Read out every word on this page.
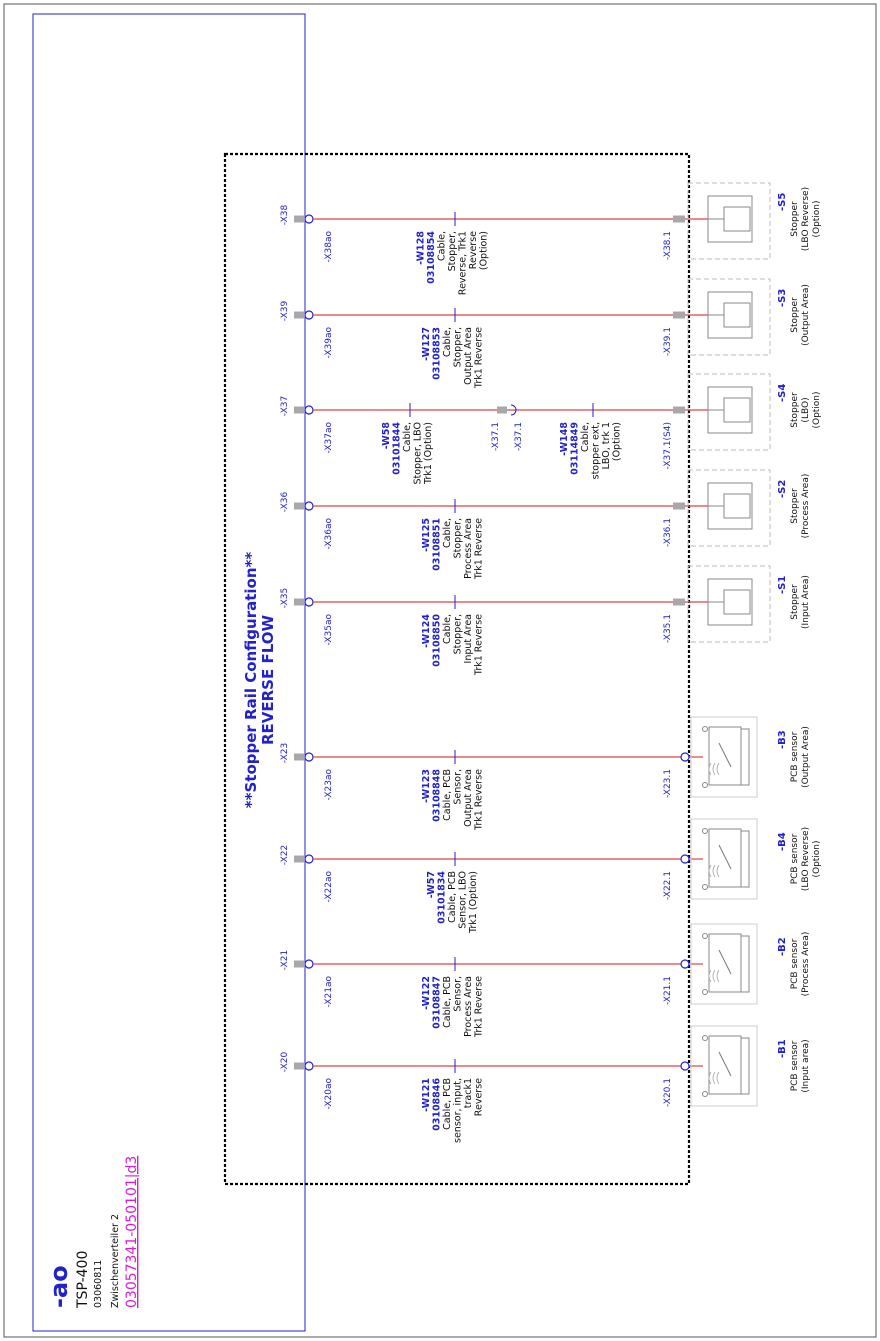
-ao TSP-400 03060811 Zwischenverteiler 2 03057341-050101|d3
**Stopper Rail Configuration** REVERSE FLOW
-W128 03108854 Cable, Stopper, Reverse, Trk1 Reverse (Option)
-X38
-X38ao	-X38.1
-S5 Stopper (LBO Reverse) (Option)
-W127 03108853 Cable, Stopper, Output Area Trk1 Reverse
-X39
-X39ao	-X39.1
-S3 Stopper (Output Area)
-W58 03101844 Cable, Stopper, LBO Trk1 (Option)	-W148 03114849 Cable, stopper ext, LBO, trk 1 (Option)
-X37.1 -X37.1
-X37
-X37ao	-X37.1(S4)
-S4 Stopper (LBO) (Option)
-W125 03108851 Cable, Stopper, Process Area Trk1 Reverse
-X36
-X36ao	-X36.1
-S2 Stopper (Process Area)
-W124 03108850 Cable, Stopper, Input Area Trk1 Reverse
-X35
-X35ao	-X35.1
-S1 Stopper (Input Area)
-W123 03108848 Cable, PCB Sensor, Output Area Trk1 Reverse
-X23
-X23ao	-X23.1
-B3 PCB sensor (Output Area)
-W57 03101834 Cable, PCB Sensor, LBO Trk1 (Option)
-X22
-X22ao	-X22.1
-B4 PCB sensor (LBO Reverse) (Option)
-W122 03108847 Cable, PCB Sensor, Process Area Trk1 Reverse
-X21
-X21ao	-X21.1
-B2 PCB sensor (Process Area)
-W121 03108846 Cable, PCB sensor, input, track1 Reverse
-X20
-X20ao	-X20.1
-B1 PCB sensor (Input area)
